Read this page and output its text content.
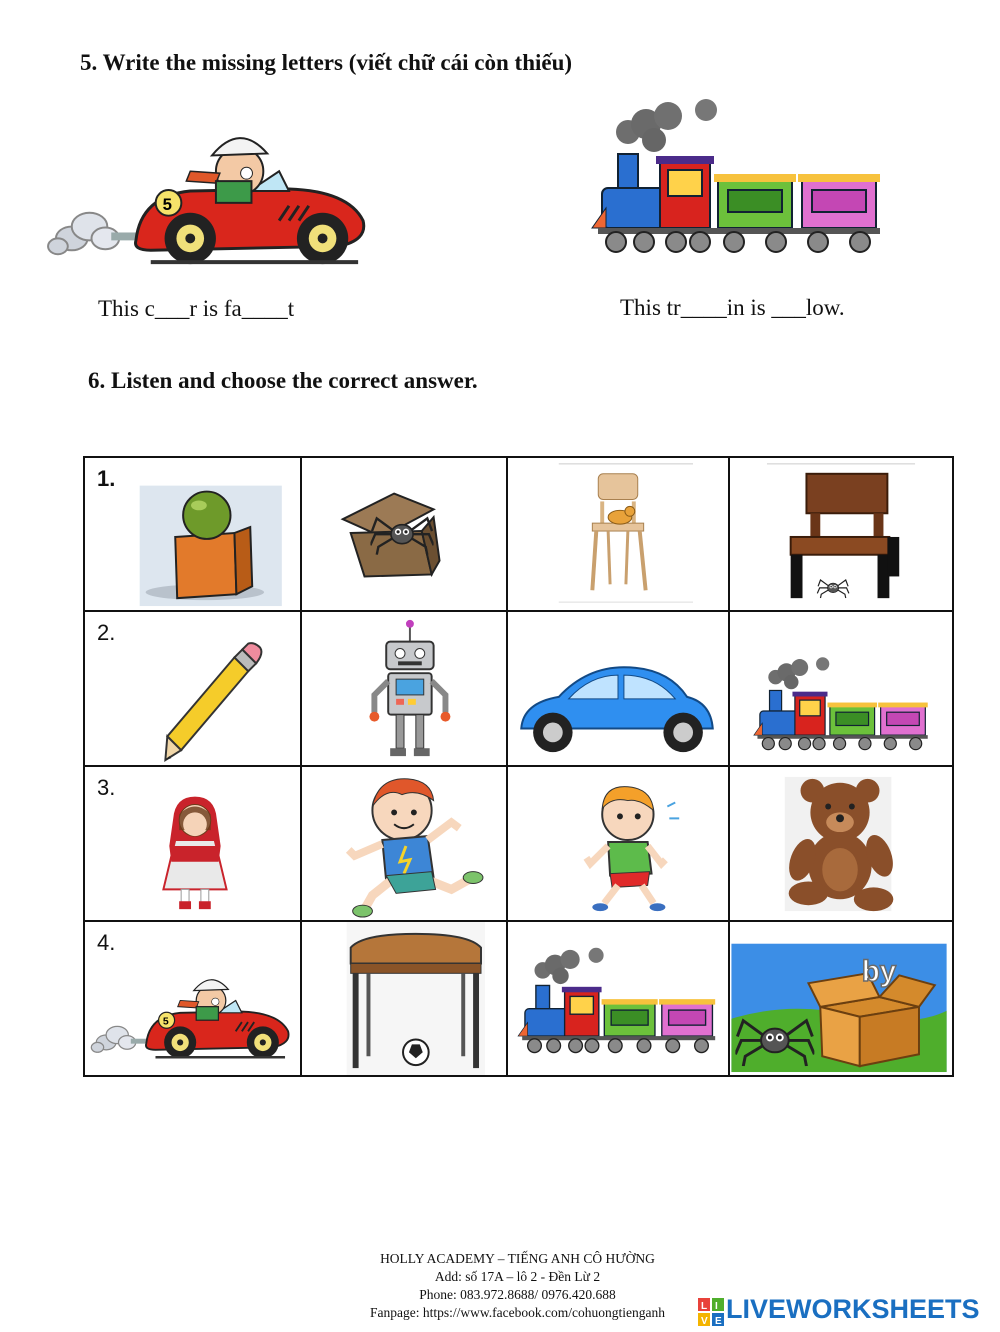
5. Write the missing letters (viết chữ cái còn thiếu)
This c___r is fa____t	This tr____in is ___low.
6. Listen and choose the correct answer.
1.

2.

3.

4.			by
HOLLY ACADEMY – TIẾNG ANH CÔ HƯỜNG
Add: số 17A – lô 2 - Đền Lừ 2
Phone: 083.972.8688/ 0976.420.688
Fanpage: https://www.facebook.com/cohuongtienganh	L I
V E LIVEWORKSHEETS
